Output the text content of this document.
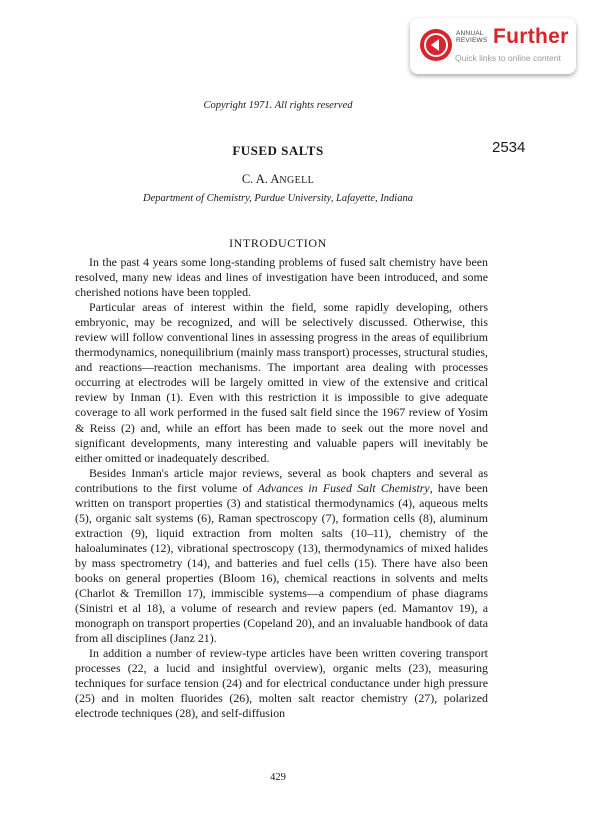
ANNUAL
REVIEWS Further
Quick links to online content
Copyright 1971. All rights reserved
FUSED SALTS	2534
C. A. ANGELL
Department of Chemistry, Purdue University, Lafayette, Indiana
INTRODUCTION

In the past 4 years some long-standing problems of fused salt chemistry have been resolved, many new ideas and lines of investigation have been introduced, and some cherished notions have been toppled.

Particular areas of interest within the field, some rapidly developing, others embryonic, may be recognized, and will be selectively discussed. Otherwise, this review will follow conventional lines in assessing progress in the areas of equilibrium thermodynamics, nonequilibrium (mainly mass transport) processes, structural studies, and reactions—reaction mechanisms. The important area dealing with processes occurring at electrodes will be largely omitted in view of the extensive and critical review by Inman (1). Even with this restriction it is impossible to give adequate coverage to all work performed in the fused salt field since the 1967 review of Yosim & Reiss (2) and, while an effort has been made to seek out the more novel and significant developments, many interesting and valuable papers will inevitably be either omitted or inadequately described.

Besides Inman's article major reviews, several as book chapters and several as contributions to the first volume of Advances in Fused Salt Chemistry, have been written on transport properties (3) and statistical thermodynamics (4), aqueous melts (5), organic salt systems (6), Raman spectroscopy (7), formation cells (8), aluminum extraction (9), liquid extraction from molten salts (10–11), chemistry of the haloaluminates (12), vibrational spectroscopy (13), thermodynamics of mixed halides by mass spectrometry (14), and batteries and fuel cells (15). There have also been books on general properties (Bloom 16), chemical reactions in solvents and melts (Charlot & Tremillon 17), immiscible systems—a compendium of phase diagrams (Sinistri et al 18), a volume of research and review papers (ed. Mamantov 19), a monograph on transport properties (Copeland 20), and an invaluable handbook of data from all disciplines (Janz 21).

In addition a number of review-type articles have been written covering transport processes (22, a lucid and insightful overview), organic melts (23), measuring techniques for surface tension (24) and for electrical conductance under high pressure (25) and in molten fluorides (26), molten salt reactor chemistry (27), polarized electrode techniques (28), and self-diffusion

429
